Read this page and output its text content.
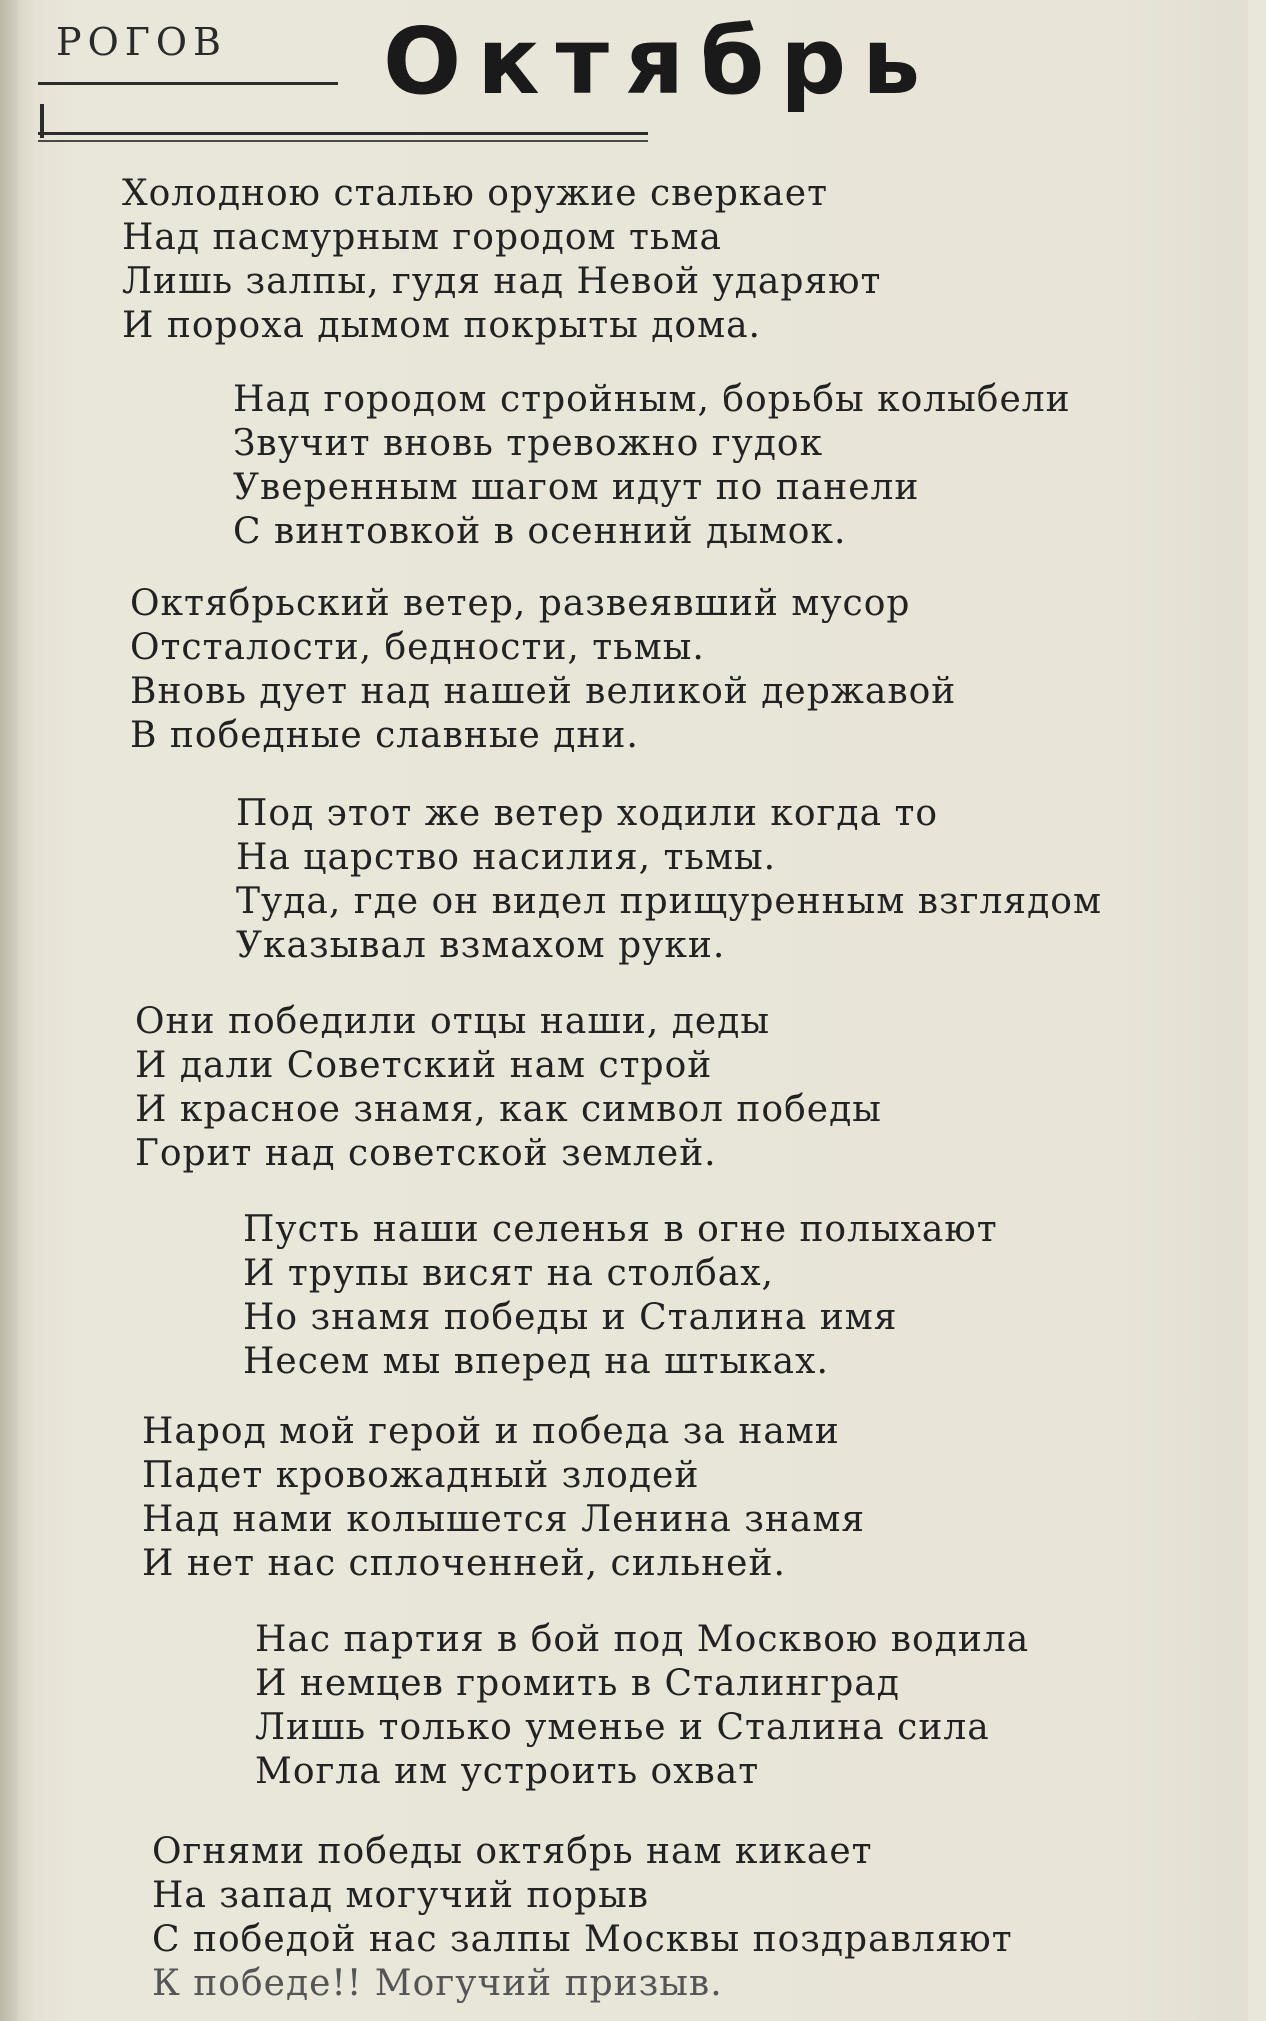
РОГОВ Октябрь

Холодною сталью оружие сверкает
Над пасмурным городом тьма
Лишь залпы, гудя над Невой ударяют
И пороха дымом покрыты дома.

Над городом стройным, борьбы колыбели
Звучит вновь тревожно гудок
Уверенным шагом идут по панели
С винтовкой в осенний дымок.

Октябрьский ветер, развеявший мусор
Отсталости, бедности, тьмы.
Вновь дует над нашей великой державой
В победные славные дни.

Под этот же ветер ходили когда то
На царство насилия, тьмы.
Туда, где он видел прищуренным взглядом
Указывал взмахом руки.

Они победили отцы наши, деды
И дали Советский нам строй
И красное знамя, как символ победы
Горит над советской землей.

Пусть наши селенья в огне полыхают
И трупы висят на столбах,
Но знамя победы и Сталина имя
Несем мы вперед на штыках.

Народ мой герой и победа за нами
Падет кровожадный злодей
Над нами колышется Ленина знамя
И нет нас сплоченней, сильней.

Нас партия в бой под Москвою водила
И немцев громить в Сталинград
Лишь только уменье и Сталина сила
Могла им устроить охват

Огнями победы октябрь нам кикает
На запад могучий порыв
С победой нас залпы Москвы поздравляют
К победе!! Могучий призыв.
